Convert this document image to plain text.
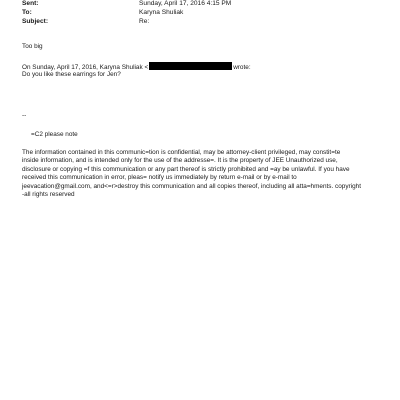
Sent:	Sunday, April 17, 2016 4:15 PM
To:	Karyna Shuliak
Subject:	Re:
Too big
On Sunday, April 17, 2016, Karyna Shuliak <	wrote:
Do you like these earrings for Jen?
--
=C2 please note
The information contained in this communic=tion is confidential, may be attorney-client privileged, may constit=te
inside information, and is intended only for the use of the addresse=. It is the property of JEE Unauthorized use,
disclosure or copying =f this communication or any part thereof is strictly prohibited and =ay be unlawful. If you have
received this communication in error, pleas= notify us immediately by return e-mail or by e-mail to
jeevacation@gmail.com, and<=r>destroy this communication and all copies thereof, including all atta=hments. copyright
-all rights reserved
